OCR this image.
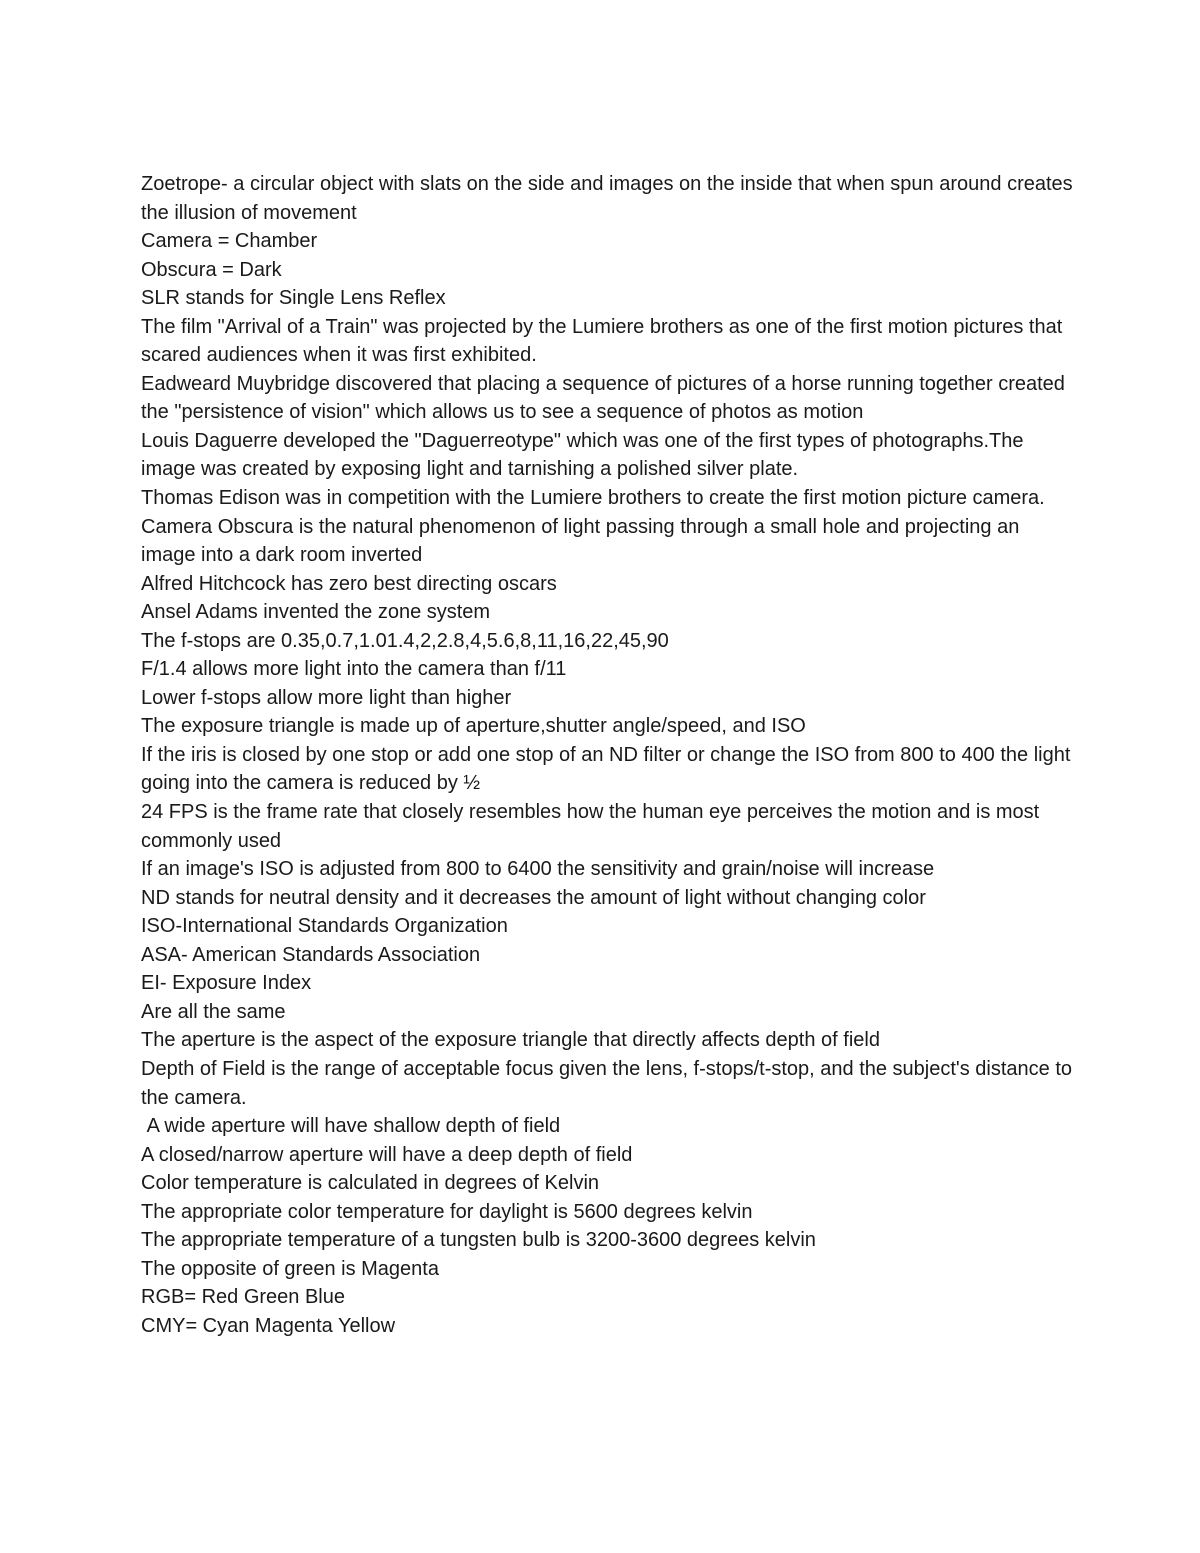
Zoetrope- a circular object with slats on the side and images on the inside that when spun around creates the illusion of movement

Camera = Chamber

Obscura = Dark

SLR stands for Single Lens Reflex

The film "Arrival of a Train" was projected by the Lumiere brothers as one of the first motion pictures that scared audiences when it was first exhibited.

Eadweard Muybridge discovered that placing a sequence of pictures of a horse running together created the "persistence of vision" which allows us to see a sequence of photos as motion

Louis Daguerre developed the "Daguerreotype" which was one of the first types of photographs.The image was created by exposing light and tarnishing a polished silver plate.

Thomas Edison was in competition with the Lumiere brothers to create the first motion picture camera.

Camera Obscura is the natural phenomenon of light passing through a small hole and projecting an image into a dark room inverted

Alfred Hitchcock has zero best directing oscars

Ansel Adams invented the zone system

The f-stops are 0.35,0.7,1.01.4,2,2.8,4,5.6,8,11,16,22,45,90

F/1.4 allows more light into the camera than f/11

Lower f-stops allow more light than higher

The exposure triangle is made up of aperture,shutter angle/speed, and ISO

If the iris is closed by one stop or add one stop of an ND filter or change the ISO from 800 to 400 the light going into the camera is reduced by ½

24 FPS is the frame rate that closely resembles how the human eye perceives the motion and is most commonly used

If an image's ISO is adjusted from 800 to 6400 the sensitivity and grain/noise will increase

ND stands for neutral density and it decreases the amount of light without changing color

ISO-International Standards Organization

ASA- American Standards Association

EI- Exposure Index

Are all the same

The aperture is the aspect of the exposure triangle that directly affects depth of field

Depth of Field is the range of acceptable focus given the lens, f-stops/t-stop, and the subject's distance to the camera.

A wide aperture will have shallow depth of field

A closed/narrow aperture will have a deep depth of field

Color temperature is calculated in degrees of Kelvin

The appropriate color temperature for daylight is 5600 degrees kelvin

The appropriate temperature of a tungsten bulb is 3200-3600 degrees kelvin

The opposite of green is Magenta

RGB= Red Green Blue

CMY= Cyan Magenta Yellow
